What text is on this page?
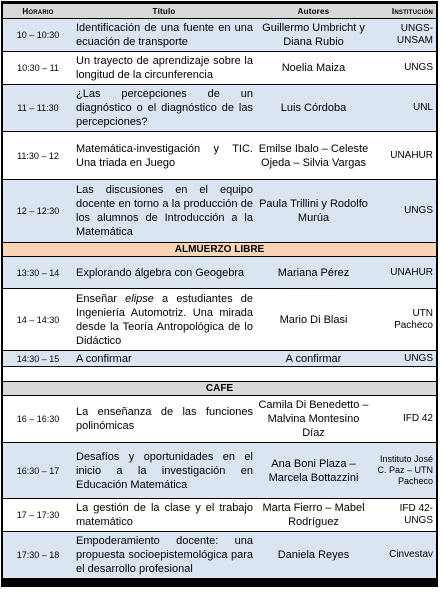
Horario	Título	Autores	Institución
10 – 10:30	Identificación de una fuente en una ecuación de transporte	Guillermo Umbricht y Diana Rubio	UNGS-UNSAM
10:30 – 11	Un trayecto de aprendizaje sobre la longitud de la circunferencia	Noelia Maiza	UNGS
11 – 11:30	¿Las percepciones de un diagnóstico o el diagnóstico de las percepciones?	Luis Córdoba	UNL
11:30 – 12	Matemática-investigación y TIC. Una triada en Juego	Emilse Ibalo – Celeste Ojeda – Silvia Vargas	UNAHUR
12 – 12:30	Las discusiones en el equipo docente en torno a la producción de los alumnos de Introducción a la Matemática	Paula Trillini y Rodolfo Murúa	UNGS
ALMUERZO LIBRE			
13:30 – 14	Explorando álgebra con Geogebra	Mariana Pérez	UNAHUR
14 – 14:30	Enseñar elipse a estudiantes de Ingeniería Automotriz. Una mirada desde la Teoría Antropológica de lo Didáctico	Mario Di Blasi	UTN Pacheco
14:30 – 15	A confirmar	A confirmar	UNGS

CAFE			
16 – 16:30	La enseñanza de las funciones polinómicas	Camila Di Benedetto – Malvina Montesino Díaz	IFD 42
16:30 – 17	Desafíos y oportunidades en el inicio a la investigación en Educación Matemática	Ana Boni Plaza – Marcela Bottazzini	Instituto José C. Paz – UTN Pacheco
17 – 17:30	La gestión de la clase y el trabajo matemático	Marta Fierro – Mabel Rodríguez	IFD 42-UNGS
17:30 – 18	Empoderamiento docente: una propuesta socioepistemológica para el desarrollo profesional	Daniela Reyes	Cinvestav
